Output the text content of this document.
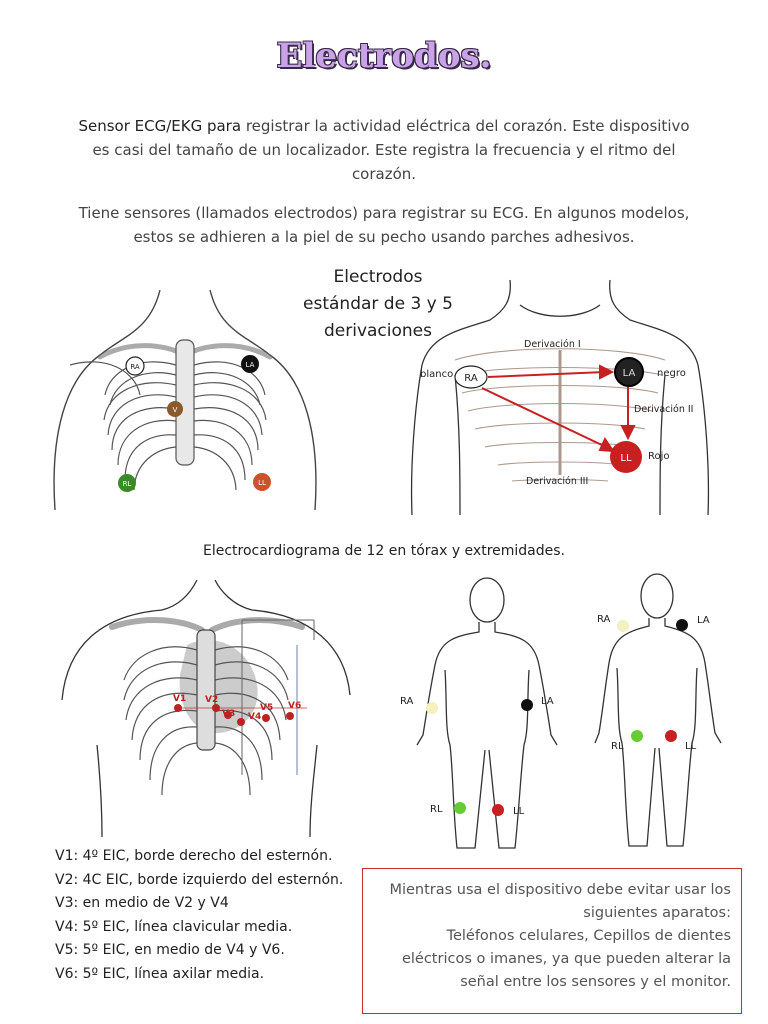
Electrodos.
Sensor ECG/EKG para registrar la actividad eléctrica del corazón. Este dispositivo
es casi del tamaño de un localizador. Este registra la frecuencia y el ritmo del
corazón.
Tiene sensores (llamados electrodos) para registrar su ECG. En algunos modelos,
estos se adhieren a la piel de su pecho usando parches adhesivos.
Electrodos
estándar de 3 y 5
derivaciones
RA	LA
V
RL	LL
RA	LA
LL
blanco	negro
Rojo
Derivación I
Derivación II
Derivación III
Electrocardiograma de 12 en tórax y extremidades.
V1 V2
V3 V4
V5 V6	RA	LA
RL	LL
RA	LA
RL	LL
V1: 4º EIC, borde derecho del esternón.
V2: 4C EIC, borde izquierdo del esternón.
V3: en medio de V2 y V4
V4: 5º EIC, línea clavicular media.
V5: 5º EIC, en medio de V4 y V6.
V6: 5º EIC, línea axilar media.
Mientras usa el dispositivo debe evitar usar los
siguientes aparatos:
Teléfonos celulares, Cepillos de dientes
eléctricos o imanes, ya que pueden alterar la
señal entre los sensores y el monitor.
